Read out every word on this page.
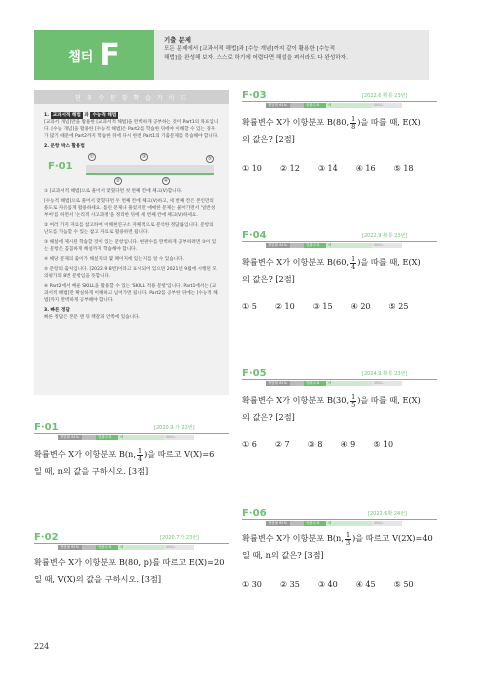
챕터 F	기출 문제
모든 문제에서 [교과서적 해법]과 [수능 개념]까지 같이 활용한 [수능적
해법]을 완성해 보자. 스스로 하기에 어렵다면 해설을 펴서라도 다 완성하자.
현 우 수 문 항 학 습 가 이 드
1. 교과서적 해법 과 수능적 해법

[교과서 개념]만을 활용한 [교과서적 해법]을 완벽하게 공부하는 것이 Part1의 목표입니다. [수능 개념]을 활용한 [수능적 해법]은 Part2를 학습한 뒤에야 이해할 수 있는 경우가 많기 때문에 Part2까지 학습한 뒤에 다시 한번 Part1의 기출문제를 복습해야 합니다.

2. 문항 박스 활용법
①	③
②	④
⑤
F·01

① [교과서적 해법]으로 풀어서 맞혔다면 첫 번째 칸에 체크(V)합니다.

[수능적 해법]으로 풀어서 맞혔다면 두 번째 칸에 체크(V)하고, 세 번째 칸은 본인만의 용도로 자유롭게 활용하세요. 틀린 문제나 풀었지만 애매한 문제는 물어가면서 '일반성 부여'를 하면서 '논리적 사고과정'을 정리한 뒤에 세 번째 칸에 체크(V)하세요.

② 여러 가지 자료를 참고하여 이해현연구소 자체적으로 분석한 정답률입니다. 문항의 난도를 가늠할 수 있는 참고 자료로 활용하면 됩니다.

③ 해설에 제시된 학습할 것이 있는 문항입니다. 현판수를 완벽하게 공부하려면 ③이 있는 문항은 꼼꼼하게 해설까지 학습해야 합니다.

④ 해당 문제의 출이가 해설지의 몇 페이지에 있는지를 알 수 있습니다.

⑤ 문항의 출처입니다. [2022.9 8번]이라고 표시되어 있으면 2021년 9월에 시행된 모의평가의 8번 문항임을 뜻합니다.

⑥ Part2에서 배운 SKILL을 활용할 수 있는 'SKILL 적용 문항'입니다. Part1에서는 [교과서적 해법]만 확실하게 이해하고 넘어가면 됩니다. Part2를 공부한 뒤에는 [수능적 해법]까지 완벽하게 공부해야 합니다.

3. 빠른 정답

빠른 정답은 본문 맨 뒤 책갈피 안쪽에 있습니다.

F·01	[2020.9 가 22번]
정답률 61%	현판수표	해	SKILL
확률변수 X가 이항분포 B(n, $\frac{1}{4}$ )을 따르고 V(X)=6
일 때, n의 값을 구하시오. [3점]
F·02	[2020.7가 23번]
정답률 61%	현판수표	해	SKILL
확률변수 X가 이항분포 B(80, p)를 따르고 E(X)=20
일 때, V(X)의 값을 구하시오. [3점]
F·03	[2022.6 확통 23번]
정답률 61%	현판수표	해	SKILL
확률변수 X가 이항분포 B(80, $\frac{1}{8}$ )을 따를 때, E(X)
의 값은? [2점]
① 10 ② 12 ③ 14 ④ 16 ⑤ 18
F·04	[2022.9 확통 23번]
정답률 61%	현판수표	해	SKILL
확률변수 X가 이항분포 B(60, $\frac{1}{4}$ )을 따를 때, E(X)
의 값은? [2점]
① 5 ② 10 ③ 15 ④ 20 ⑤ 25
F·05	[2024.9 확통 23번]
정답률 61%	현판수표	해	SKILL
확률변수 X가 이항분포 B(30, $\frac{1}{5}$ )을 따를 때, E(X)
의 값은? [2점]
① 6 ② 7 ③ 8 ④ 9 ⑤ 10
F·06	[2022.6확 24번]
정답률 61%	현판수표	해	SKILL
확률변수 X가 이항분포 B(n, $\frac{1}{3}$ )을 따르고 V(2X)=40
일 때, n의 값은? [3점]
① 30 ② 35 ③ 40 ④ 45 ⑤ 50
224
